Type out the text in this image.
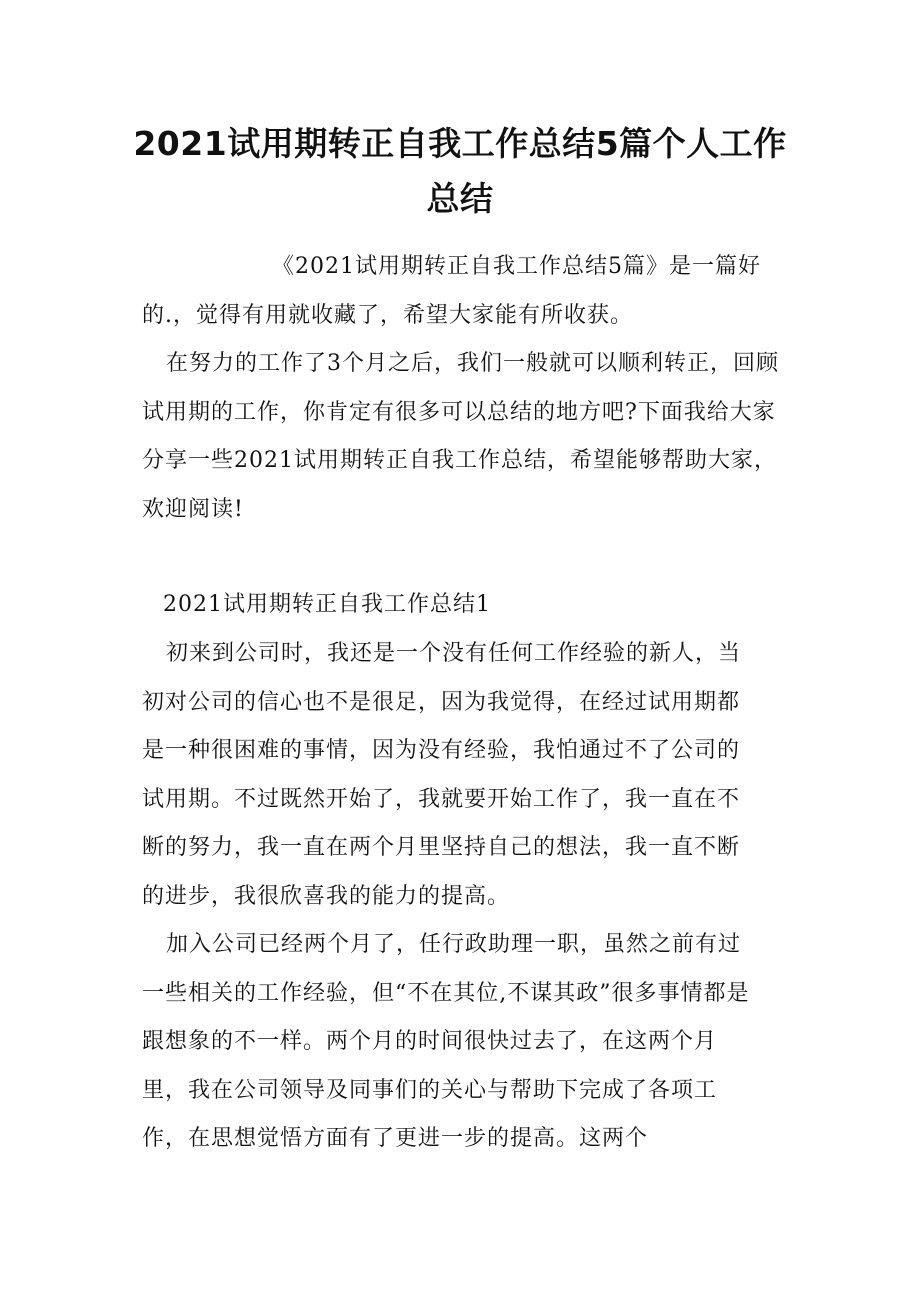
2021试用期转正自我工作总结5篇个人工作总结

《2021试用期转正自我工作总结5篇》是一篇好的.，觉得有用就收藏了，希望大家能有所收获。

在努力的工作了3个月之后，我们一般就可以顺利转正，回顾试用期的工作，你肯定有很多可以总结的地方吧?下面我给大家分享一些2021试用期转正自我工作总结，希望能够帮助大家，欢迎阅读!

2021试用期转正自我工作总结1

初来到公司时，我还是一个没有任何工作经验的新人，当初对公司的信心也不是很足，因为我觉得，在经过试用期都是一种很困难的事情，因为没有经验，我怕通过不了公司的试用期。不过既然开始了，我就要开始工作了，我一直在不断的努力，我一直在两个月里坚持自己的想法，我一直不断的进步，我很欣喜我的能力的提高。

加入公司已经两个月了，任行政助理一职，虽然之前有过一些相关的工作经验，但“不在其位,不谋其政”很多事情都是跟想象的不一样。两个月的时间很快过去了，在这两个月里，我在公司领导及同事们的关心与帮助下完成了各项工作，在思想觉悟方面有了更进一步的提高。这两个
